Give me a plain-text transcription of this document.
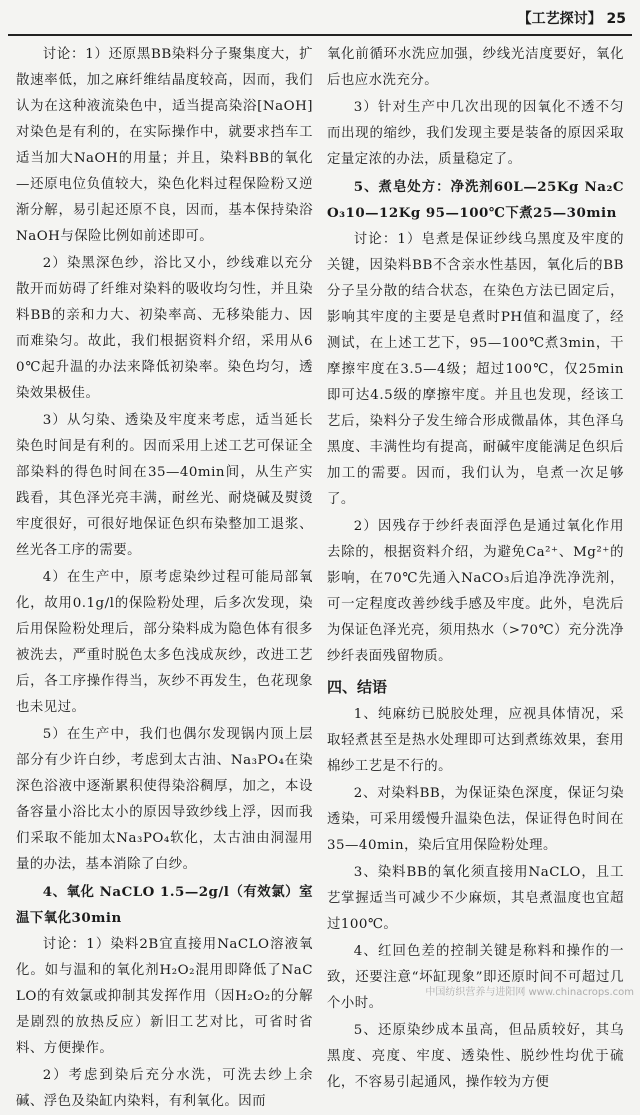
【工艺探讨】 25

讨论：1）还原黑BB染料分子聚集度大，扩散速率低，加之麻纤维结晶度较高，因而，我们认为在这种液流染色中，适当提高染浴[NaOH]对染色是有利的，在实际操作中，就要求挡车工适当加大NaOH的用量；并且，染料BB的氧化—还原电位负值较大，染色化料过程保险粉又逆渐分解，易引起还原不良，因而，基本保持染浴NaOH与保险比例如前述即可。

2）染黑深色纱，浴比又小，纱线难以充分散开而妨碍了纤维对染料的吸收均匀性，并且染料BB的亲和力大、初染率高、无移染能力、因而难染匀。故此，我们根据资料介绍，采用从60℃起升温的办法来降低初染率。染色均匀，透染效果极佳。

3）从匀染、透染及牢度来考虑，适当延长染色时间是有利的。因而采用上述工艺可保证全部染料的得色时间在35—40min间，从生产实践看，其色泽光亮丰满，耐丝光、耐烧碱及熨烫牢度很好，可很好地保证色织布染整加工退浆、丝光各工序的需要。

4）在生产中，原考虑染纱过程可能局部氧化，故用0.1g/l的保险粉处理，后多次发现，染后用保险粉处理后，部分染料成为隐色体有很多被洗去，严重时脱色太多色浅成灰纱，改进工艺后，各工序操作得当，灰纱不再发生，色花现象也未见过。

5）在生产中，我们也偶尔发现锅内顶上层部分有少许白纱，考虑到太古油、Na₃PO₄在染深色浴液中逐渐累积使得染浴稠厚，加之，本设备容量小浴比太小的原因导致纱线上浮，因而我们采取不能加太Na₃PO₄软化，太古油由洞湿用量的办法，基本消除了白纱。

4、氧化 NaCLO 1.5—2g/l（有效氯）室温下氧化30min

讨论：1）染料2B宜直接用NaCLO溶液氧化。如与温和的氧化剂H₂O₂混用即降低了NaCLO的有效氯或抑制其发挥作用（因H₂O₂的分解是剧烈的放热反应）新旧工艺对比，可省时省料、方便操作。

2）考虑到染后充分水洗，可洗去纱上余碱、浮色及染缸内染料，有利氧化。因而

氧化前循环水洗应加强，纱线光洁度要好，氧化后也应水洗充分。

3）针对生产中几次出现的因氧化不透不匀而出现的缩纱，我们发现主要是装备的原因采取定量定浓的办法，质量稳定了。

5、煮皂处方：净洗剂60L—25Kg Na₂CO₃10—12Kg 95—100℃下煮25—30min

讨论：1）皂煮是保证纱线乌黑度及牢度的关键，因染料BB不含亲水性基因，氧化后的BB分子呈分散的结合状态，在染色方法已固定后，影响其牢度的主要是皂煮时PH值和温度了，经测试，在上述工艺下，95—100℃煮3min，干摩擦牢度在3.5—4级；超过100℃，仅25min即可达4.5级的摩擦牢度。并且也发现，经该工艺后，染料分子发生缔合形成微晶体，其色泽乌黑度、丰满性均有提高，耐碱牢度能满足色织后加工的需要。因而，我们认为，皂煮一次足够了。

2）因残存于纱纤表面浮色是通过氧化作用去除的，根据资料介绍，为避免Ca²⁺、Mg²⁺的影响，在70℃先通入NaCO₃后追净洗净洗剂，可一定程度改善纱线手感及牢度。此外，皂洗后为保证色泽光亮，须用热水（>70℃）充分洗净纱纤表面残留物质。

四、结语

1、纯麻纺已脱胶处理，应视具体情况，采取轻煮甚至是热水处理即可达到煮练效果，套用棉纱工艺是不行的。

2、对染料BB，为保证染色深度，保证匀染透染，可采用缓慢升温染色法，保证得色时间在35—40min，染后宜用保险粉处理。

3、染料BB的氧化须直接用NaCLO，且工艺掌握适当可减少不少麻烦，其皂煮温度也宜超过100℃。

4、红回色差的控制关键是称料和操作的一致，还要注意“坏缸现象”即还原时间不可超过几个小时。

5、还原染纱成本虽高，但品质较好，其乌黑度、亮度、牢度、透染性、脱纱性均优于硫化，不容易引起通风，操作较为方便

中国纺织营养与进阳网 www.chinacrops.com
